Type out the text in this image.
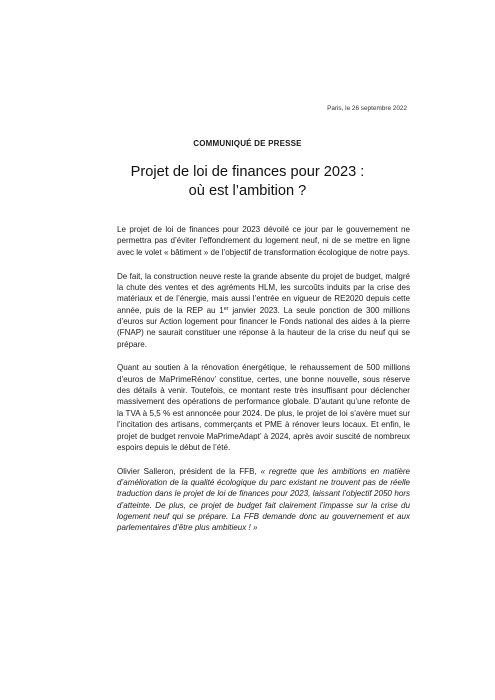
Paris, le 26 septembre 2022
COMMUNIQUÉ DE PRESSE
Projet de loi de finances pour 2023 :
où est l’ambition ?

Le projet de loi de finances pour 2023 dévoilé ce jour par le gouvernement ne permettra pas d’éviter l’effondrement du logement neuf, ni de se mettre en ligne avec le volet « bâtiment » de l’objectif de transformation écologique de notre pays.

De fait, la construction neuve reste la grande absente du projet de budget, malgré la chute des ventes et des agréments HLM, les surcoûts induits par la crise des matériaux et de l’énergie, mais aussi l’entrée en vigueur de RE2020 depuis cette année, puis de la REP au 1er janvier 2023. La seule ponction de 300 millions d’euros sur Action logement pour financer le Fonds national des aides à la pierre (FNAP) ne saurait constituer une réponse à la hauteur de la crise du neuf qui se prépare.

Quant au soutien à la rénovation énergétique, le rehaussement de 500 millions d’euros de MaPrimeRénov’ constitue, certes, une bonne nouvelle, sous réserve des détails à venir. Toutefois, ce montant reste très insuffisant pour déclencher massivement des opérations de performance globale. D’autant qu’une refonte de la TVA à 5,5 % est annoncée pour 2024. De plus, le projet de loi s’avère muet sur l’incitation des artisans, commerçants et PME à rénover leurs locaux. Et enfin, le projet de budget renvoie MaPrimeAdapt’ à 2024, après avoir suscité de nombreux espoirs depuis le début de l’été.

Olivier Salleron, président de la FFB, « regrette que les ambitions en matière d’amélioration de la qualité écologique du parc existant ne trouvent pas de réelle traduction dans le projet de loi de finances pour 2023, laissant l’objectif 2050 hors d’atteinte. De plus, ce projet de budget fait clairement l’impasse sur la crise du logement neuf qui se prépare. La FFB demande donc au gouvernement et aux parlementaires d’être plus ambitieux ! »
